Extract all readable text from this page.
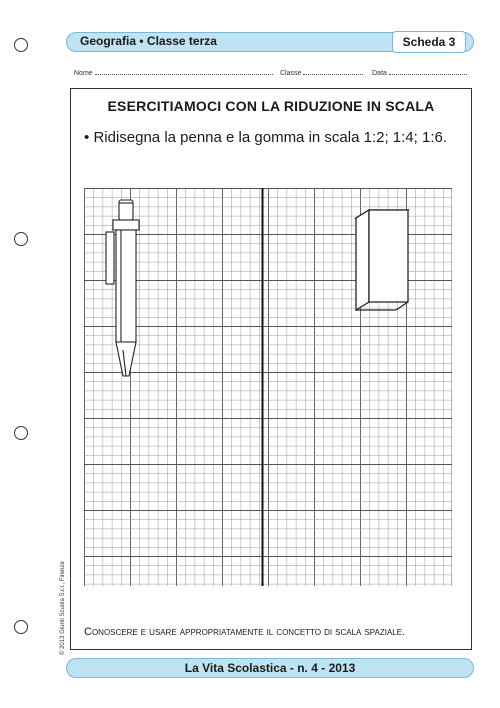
Geografia • Classe terza	Scheda 3
Nome	Classe	Data
ESERCITIAMOCI CON LA RIDUZIONE IN SCALA
• Ridisegna la penna e la gomma in scala 1:2; 1:4; 1:6.
Conoscere e usare appropriatamente il concetto di scala spaziale.
© 2013 Giunti Scuola S.r.l., Firenze
La Vita Scolastica - n. 4 - 2013
